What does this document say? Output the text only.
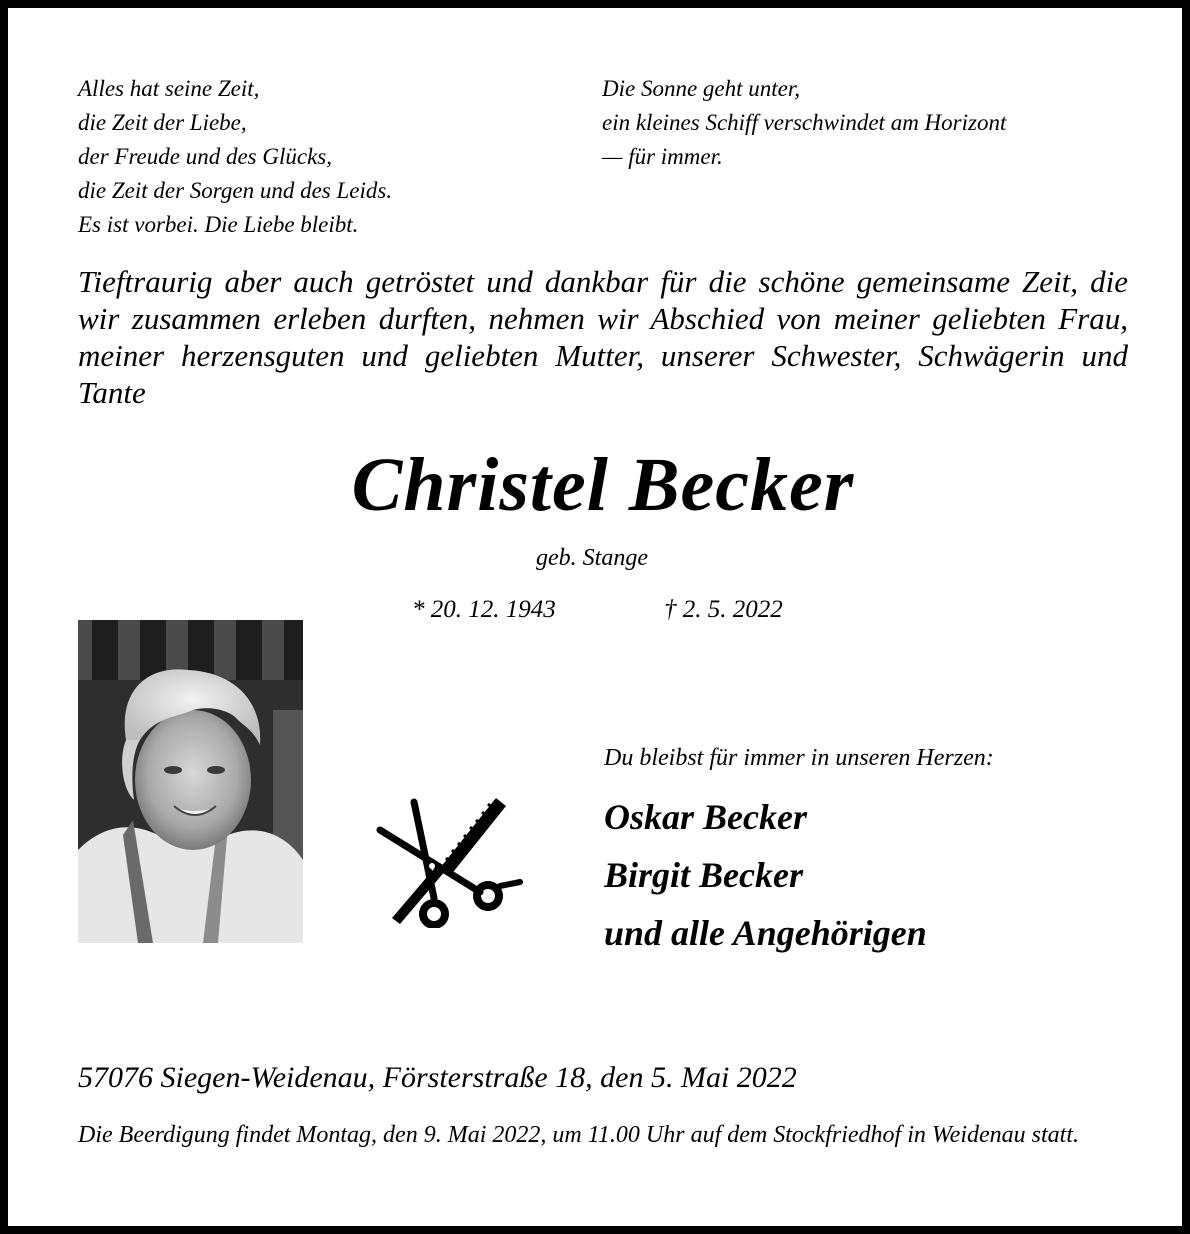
Alles hat seine Zeit,
die Zeit der Liebe,
der Freude und des Glücks,
die Zeit der Sorgen und des Leids.
Es ist vorbei. Die Liebe bleibt.
Die Sonne geht unter,
ein kleines Schiff verschwindet am Horizont
— für immer.
Tieftraurig aber auch getröstet und dankbar für die schöne gemeinsame Zeit, die wir zusammen erleben durften, nehmen wir Abschied von meiner geliebten Frau, meiner herzensguten und geliebten Mutter, unserer Schwester, Schwägerin und Tante
Christel Becker
geb. Stange
* 20. 12. 1943	† 2. 5. 2022
Du bleibst für immer in unseren Herzen:
Oskar Becker
Birgit Becker
und alle Angehörigen
57076 Siegen-Weidenau, Försterstraße 18, den 5. Mai 2022
Die Beerdigung findet Montag, den 9. Mai 2022, um 11.00 Uhr auf dem Stockfriedhof in Weidenau statt.
